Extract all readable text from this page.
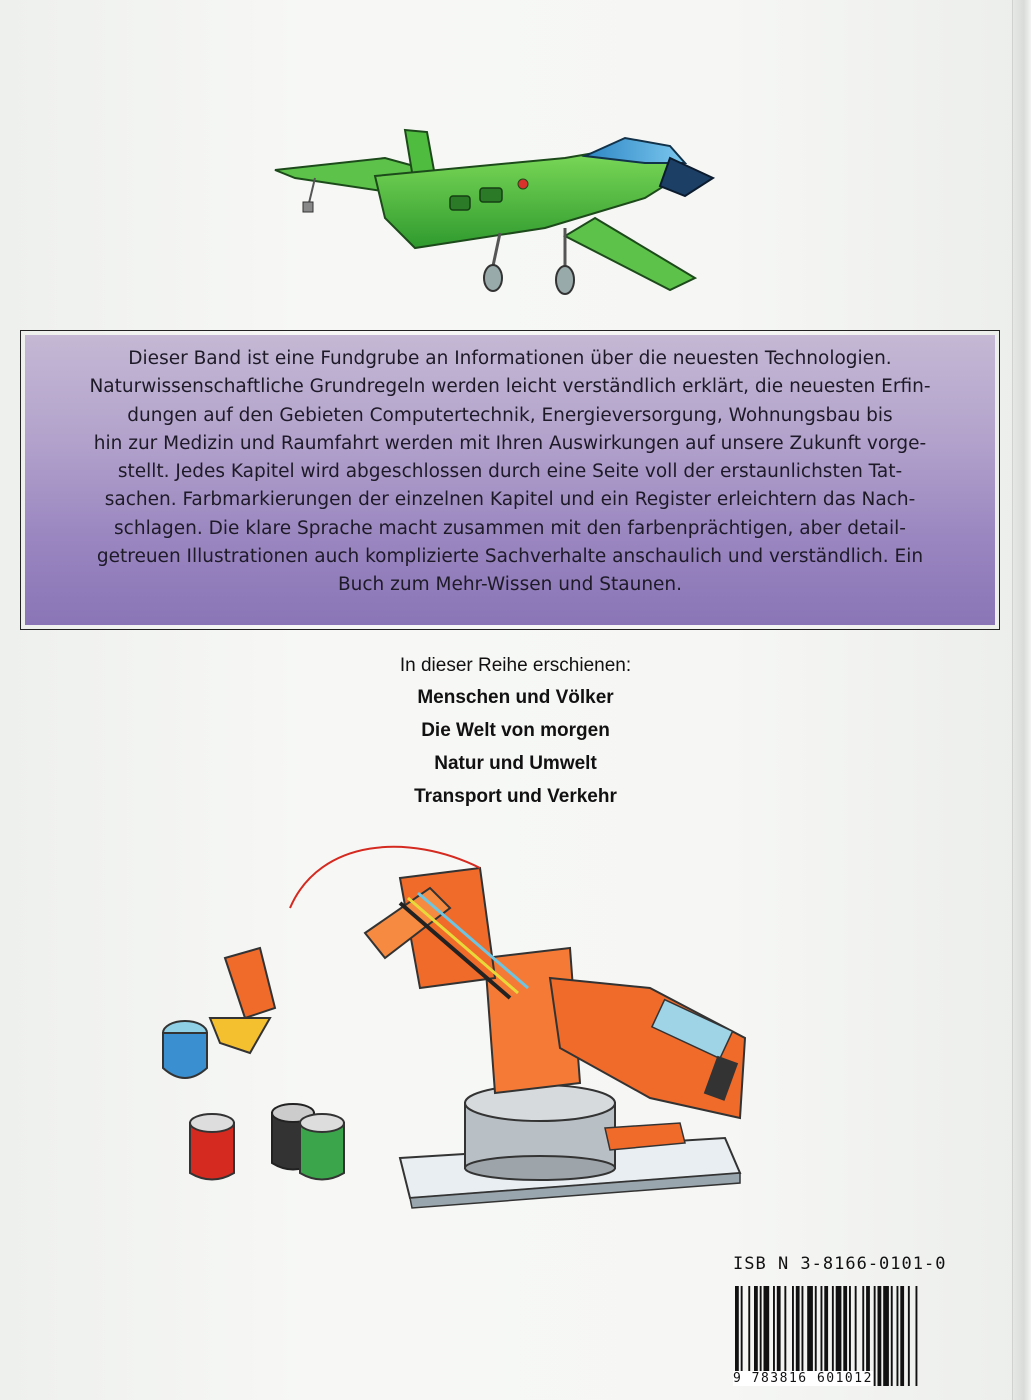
Dieser Band ist eine Fundgrube an Informationen über die neuesten Technologien.
Naturwissenschaftliche Grundregeln werden leicht verständlich erklärt, die neuesten Erfin-
dungen auf den Gebieten Computertechnik, Energieversorgung, Wohnungsbau bis
hin zur Medizin und Raumfahrt werden mit Ihren Auswirkungen auf unsere Zukunft vorge-
stellt. Jedes Kapitel wird abgeschlossen durch eine Seite voll der erstaunlichsten Tat-
sachen. Farbmarkierungen der einzelnen Kapitel und ein Register erleichtern das Nach-
schlagen. Die klare Sprache macht zusammen mit den farbenprächtigen, aber detail-
getreuen Illustrationen auch komplizierte Sachverhalte anschaulich und verständlich. Ein
Buch zum Mehr-Wissen und Staunen.

In dieser Reihe erschienen:
Menschen und Völker
Die Welt von morgen
Natur und Umwelt
Transport und Verkehr
ISB N 3-8166-0101-0
9 783816 601012
